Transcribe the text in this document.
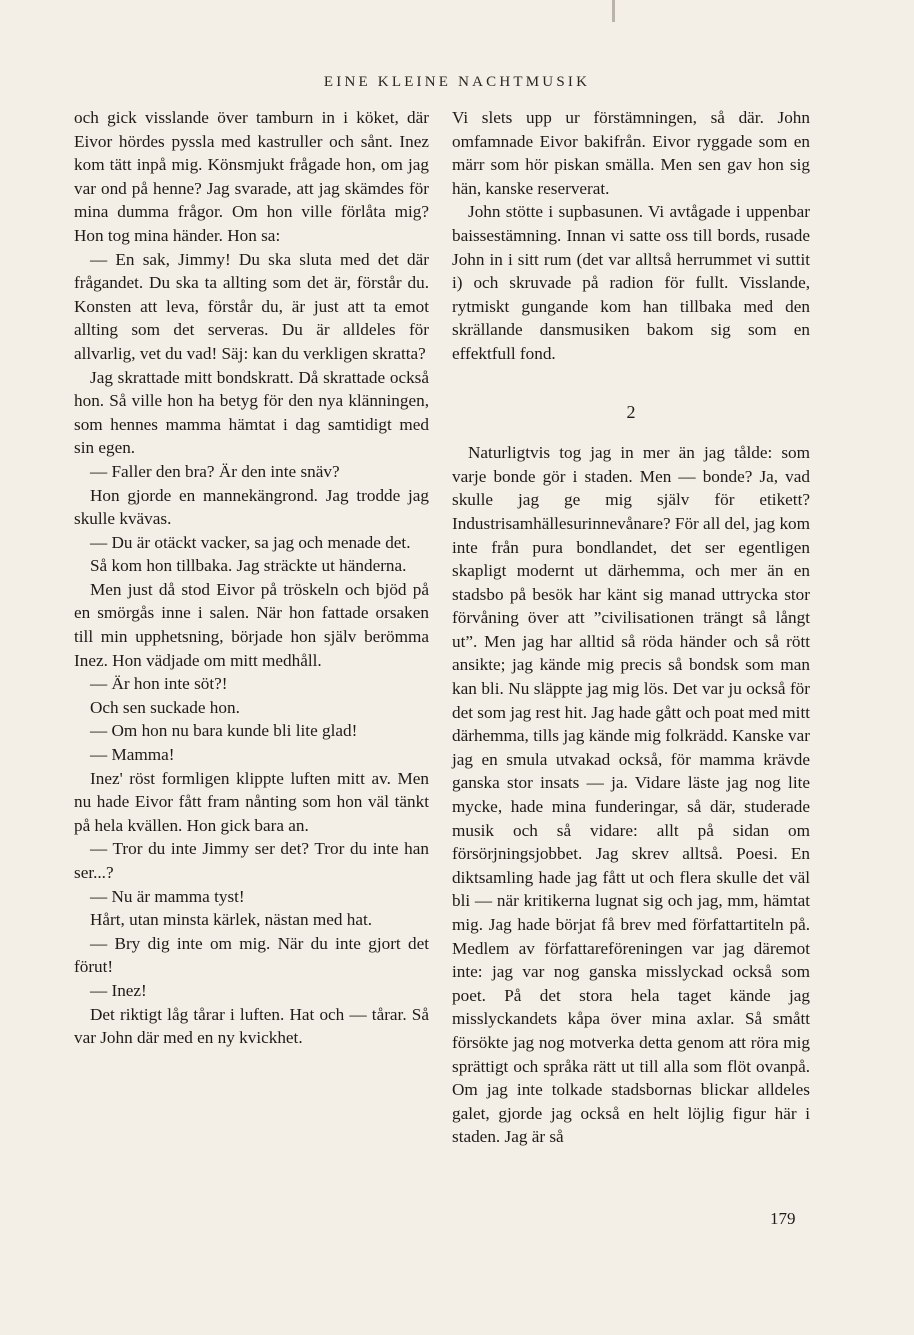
EINE KLEINE NACHTMUSIK

och gick visslande över tamburn in i köket, där Eivor hördes pyssla med kastruller och sånt. Inez kom tätt inpå mig. Könsmjukt frågade hon, om jag var ond på henne? Jag svarade, att jag skämdes för mina dumma frågor. Om hon ville förlåta mig? Hon tog mina händer. Hon sa:

— En sak, Jimmy! Du ska sluta med det där frågandet. Du ska ta allting som det är, förstår du. Konsten att leva, förstår du, är just att ta emot allting som det serveras. Du är alldeles för allvarlig, vet du vad! Säj: kan du verkligen skratta?

Jag skrattade mitt bondskratt. Då skrattade också hon. Så ville hon ha betyg för den nya klänningen, som hennes mamma hämtat i dag samtidigt med sin egen.

— Faller den bra? Är den inte snäv?

Hon gjorde en mannekängrond. Jag trodde jag skulle kvävas.

— Du är otäckt vacker, sa jag och menade det.

Så kom hon tillbaka. Jag sträckte ut händerna.

Men just då stod Eivor på tröskeln och bjöd på en smörgås inne i salen. När hon fattade orsaken till min upphetsning, började hon själv berömma Inez. Hon vädjade om mitt medhåll.

— Är hon inte söt?!

Och sen suckade hon.

— Om hon nu bara kunde bli lite glad!

— Mamma!

Inez' röst formligen klippte luften mitt av. Men nu hade Eivor fått fram nånting som hon väl tänkt på hela kvällen. Hon gick bara an.

— Tror du inte Jimmy ser det? Tror du inte han ser...?

— Nu är mamma tyst!

Hårt, utan minsta kärlek, nästan med hat.

— Bry dig inte om mig. När du inte gjort det förut!

— Inez!

Det riktigt låg tårar i luften. Hat och — tårar. Så var John där med en ny kvickhet.

Vi slets upp ur förstämningen, så där. John omfamnade Eivor bakifrån. Eivor ryggade som en märr som hör piskan smälla. Men sen gav hon sig hän, kanske reserverat.

John stötte i supbasunen. Vi avtågade i uppenbar baissestämning. Innan vi satte oss till bords, rusade John in i sitt rum (det var alltså herrummet vi suttit i) och skruvade på radion för fullt. Visslande, rytmiskt gungande kom han tillbaka med den skrällande dansmusiken bakom sig som en effektfull fond.

2

Naturligtvis tog jag in mer än jag tålde: som varje bonde gör i staden. Men — bonde? Ja, vad skulle jag ge mig själv för etikett? Industrisamhällesurinnevånare? För all del, jag kom inte från pura bondlandet, det ser egentligen skapligt modernt ut därhemma, och mer än en stadsbo på besök har känt sig manad uttrycka stor förvåning över att ”civilisationen trängt så långt ut”. Men jag har alltid så röda händer och så rött ansikte; jag kände mig precis så bondsk som man kan bli. Nu släppte jag mig lös. Det var ju också för det som jag rest hit. Jag hade gått och poat med mitt därhemma, tills jag kände mig folkrädd. Kanske var jag en smula utvakad också, för mamma krävde ganska stor insats — ja. Vidare läste jag nog lite mycke, hade mina funderingar, så där, studerade musik och så vidare: allt på sidan om försörjningsjobbet. Jag skrev alltså. Poesi. En diktsamling hade jag fått ut och flera skulle det väl bli — när kritikerna lugnat sig och jag, mm, hämtat mig. Jag hade börjat få brev med författartiteln på. Medlem av författareföreningen var jag däremot inte: jag var nog ganska misslyckad också som poet. På det stora hela taget kände jag misslyckandets kåpa över mina axlar. Så smått försökte jag nog motverka detta genom att röra mig sprättigt och språka rätt ut till alla som flöt ovanpå. Om jag inte tolkade stadsbornas blickar alldeles galet, gjorde jag också en helt löjlig figur här i staden. Jag är så

179
